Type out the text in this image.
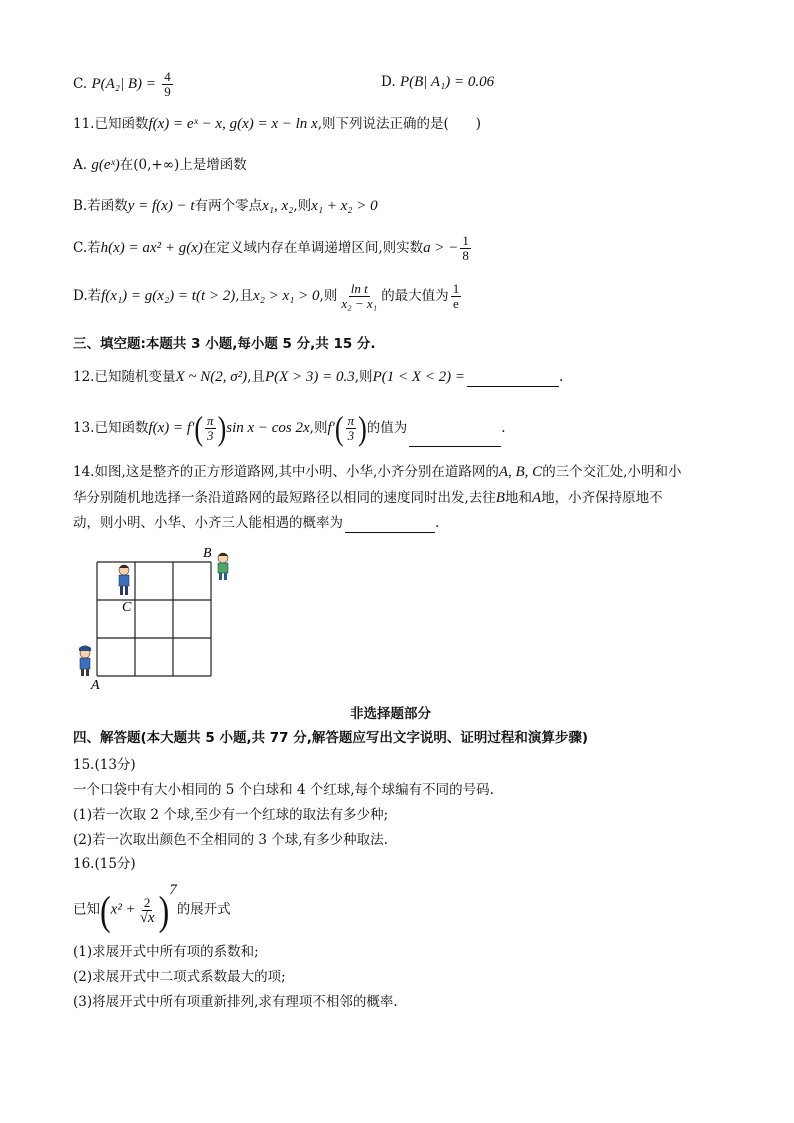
C. P(A₂| $B) = \frac{4}{9}$	D. P(B| A₁) = 0.06
11.已知函数f(x) = eˣ − x, g(x) = x − ln x,则下列说法正确的是(　　)
A. g(eˣ)在(0,+∞)上是增函数
B.若函数y = f(x) − t有两个零点x₁, x₂,则x₁ + x₂ > 0
C.若h(x) = ax² + g(x)在定义域内存在单调递增区间,则实数a > − $\frac{1}{8}$
D.若f(x₁) = g(x₂) = t(t > 2),且x₂ > x₁ > 0,则 $\frac{\text{ln t}}{\text{x₂ − x₁}}$ 的最大值为 $\frac{1}{e}$
三、填空题:本题共 3 小题,每小题 5 分,共 15 分.
12.已知随机变量X ~ N(2, σ²),且P(X > 3) = 0.3,则P(1 < X < 2) =	.
13.已知函数$f(x) = f'( \frac{\pi}{3} )\sin$ x − cos 2x,则$f'( \frac{\pi}{3}$ )的值为	.
14.如图,这是整齐的正方形道路网,其中小明、小华,小齐分别在道路网的A, B, C的三个交汇处,小明和小
华分别随机地选择一条沿道路网的最短路径以相同的速度同时出发,去往B地和A地，小齐保持原地不
动，则小明、小华、小齐三人能相遇的概率为	.
C
B
A
非选择题部分
四、解答题(本大题共 5 小题,共 77 分,解答题应写出文字说明、证明过程和演算步骤)
15.(13分)
一个口袋中有大小相同的 5 个白球和 4 个红球,每个球编有不同的号码.
(1)若一次取 2 个球,至少有一个红球的取法有多少种;
(2)若一次取出颜色不全相同的 3 个球,有多少种取法.
16.(15分)
已知$(x^2 + \frac{2}{√x} )^7$的展开式
(1)求展开式中所有项的系数和;
(2)求展开式中二项式系数最大的项;
(3)将展开式中所有项重新排列,求有理项不相邻的概率.
